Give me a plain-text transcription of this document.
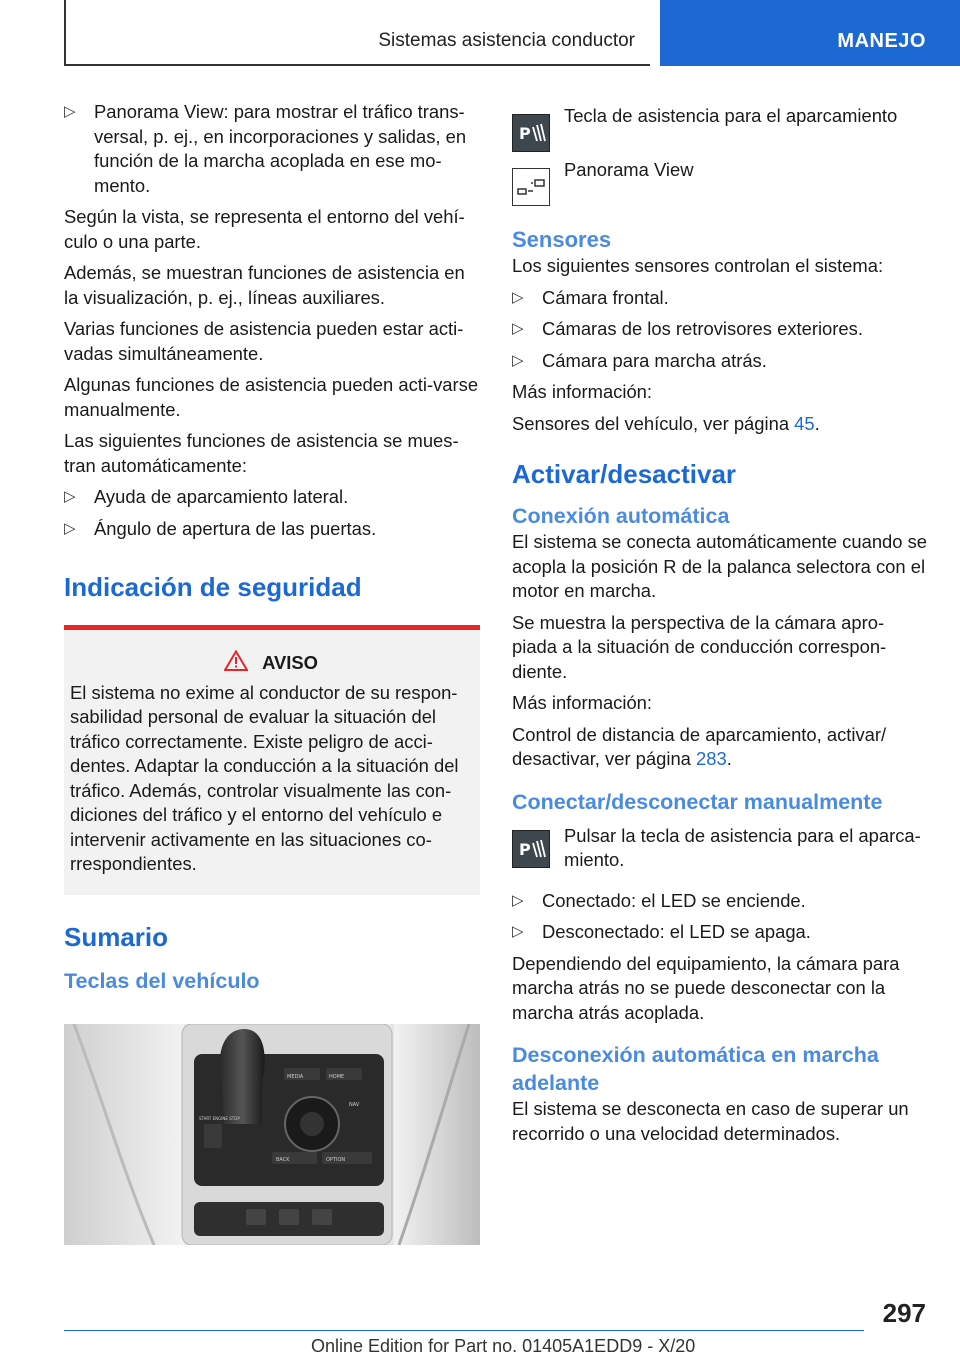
Sistemas asistencia conductor	MANEJO
▷ Panorama View: para mostrar el tráfico trans-versal, p. ej., en incorporaciones y salidas, en función de la marcha acoplada en ese mo-mento.

Según la vista, se representa el entorno del vehí-culo o una parte.

Además, se muestran funciones de asistencia en la visualización, p. ej., líneas auxiliares.

Varias funciones de asistencia pueden estar acti-vadas simultáneamente.

Algunas funciones de asistencia pueden acti-varse manualmente.

Las siguientes funciones de asistencia se mues-tran automáticamente:

▷ Ayuda de aparcamiento lateral.
▷ Ángulo de apertura de las puertas.
Indicación de seguridad
AVISO
El sistema no exime al conductor de su respon-sabilidad personal de evaluar la situación del tráfico correctamente. Existe peligro de acci-dentes. Adaptar la conducción a la situación del tráfico. Además, controlar visualmente las con-diciones del tráfico y el entorno del vehículo e intervenir activamente en las situaciones co-rrespondientes.
Sumario
Teclas del vehículo
MEDIA	HOME
BACK	OPTION
NAV
START ENGINE STOP
P
Tecla de asistencia para el aparcamiento
Panorama View
Sensores

Los siguientes sensores controlan el sistema:

▷ Cámara frontal.
▷ Cámaras de los retrovisores exteriores.
▷ Cámara para marcha atrás.

Más información:

Sensores del vehículo, ver página 45.

Activar/desactivar
Conexión automática

El sistema se conecta automáticamente cuando se acopla la posición R de la palanca selectora con el motor en marcha.

Se muestra la perspectiva de la cámara apro-piada a la situación de conducción correspon-diente.

Más información:

Control de distancia de aparcamiento, activar/ desactivar, ver página 283.

Conectar/desconectar manualmente
P
Pulsar la tecla de asistencia para el aparca-miento.
▷ Conectado: el LED se enciende.
▷ Desconectado: el LED se apaga.

Dependiendo del equipamiento, la cámara para marcha atrás no se puede desconectar con la marcha atrás acoplada.

Desconexión automática en marcha adelante

El sistema se desconecta en caso de superar un recorrido o una velocidad determinados.

297
Online Edition for Part no. 01405A1EDD9 - X/20
